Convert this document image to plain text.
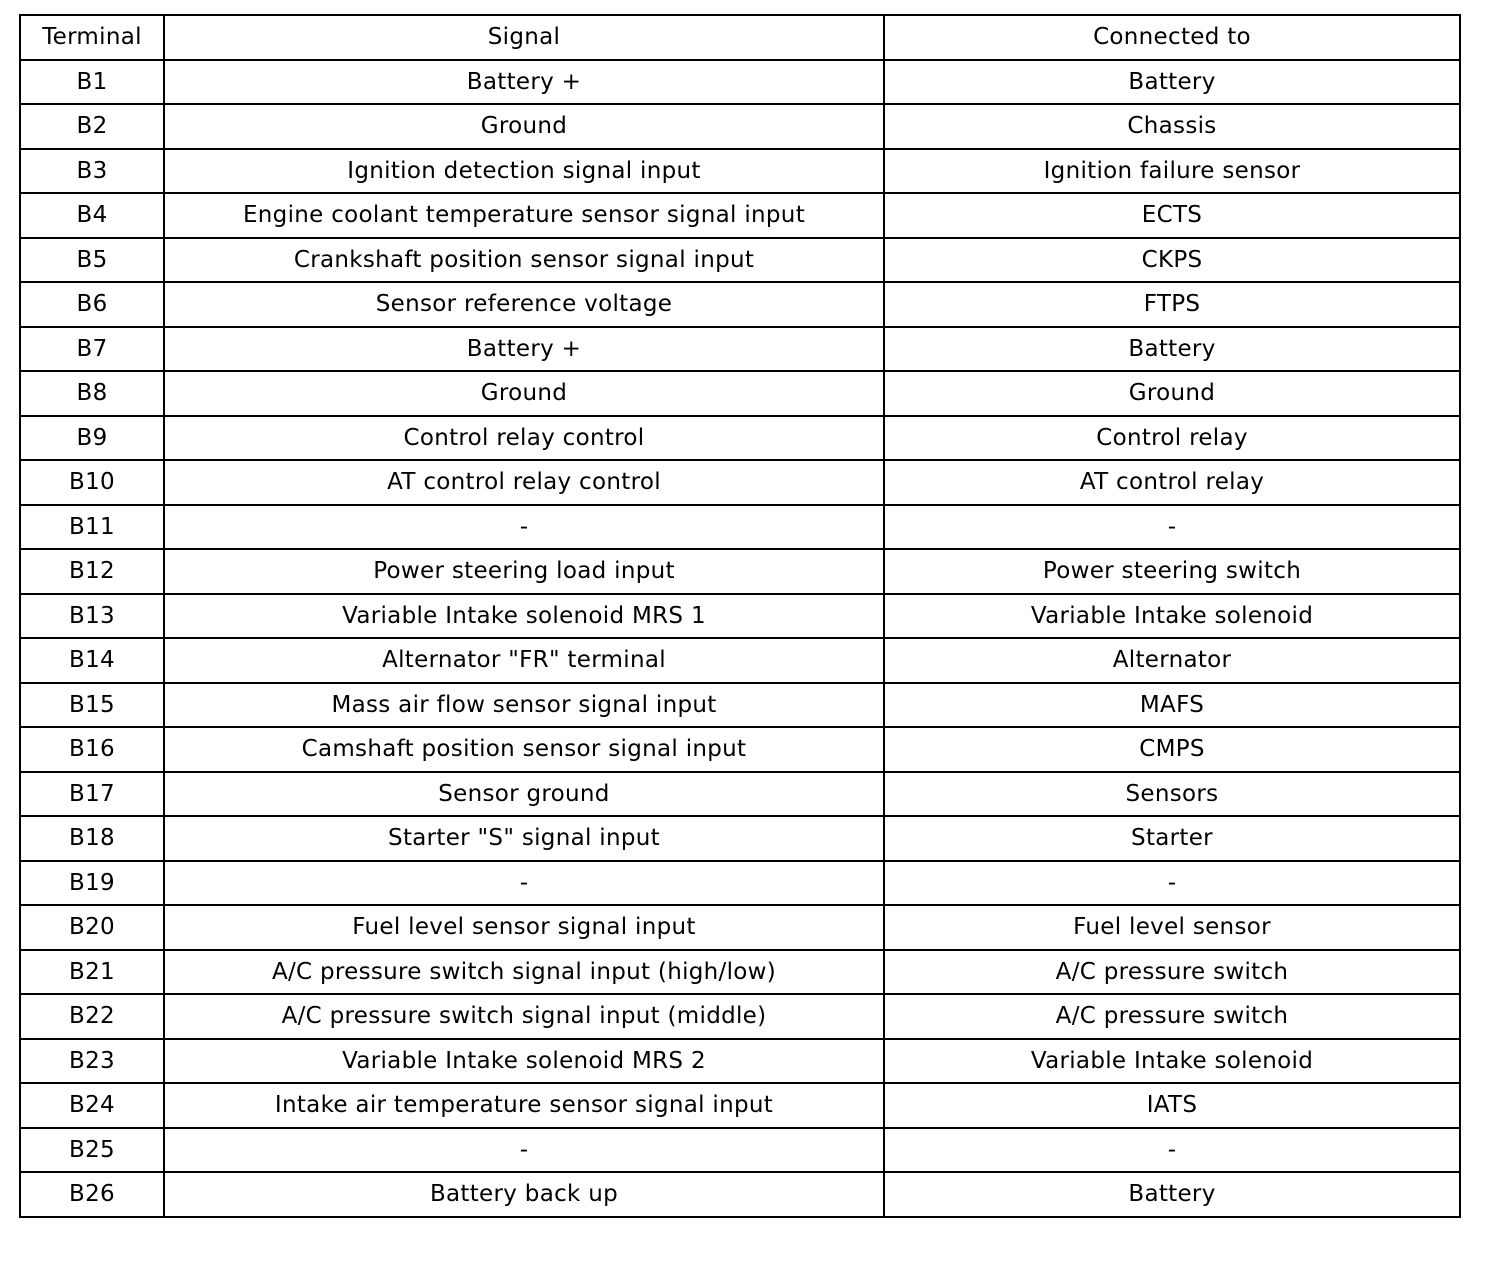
Terminal	Signal	Connected to
B1	Battery +	Battery
B2	Ground	Chassis
B3	Ignition detection signal input	Ignition failure sensor
B4	Engine coolant temperature sensor signal input	ECTS
B5	Crankshaft position sensor signal input	CKPS
B6	Sensor reference voltage	FTPS
B7	Battery +	Battery
B8	Ground	Ground
B9	Control relay control	Control relay
B10	AT control relay control	AT control relay
B11	-	-
B12	Power steering load input	Power steering switch
B13	Variable Intake solenoid MRS 1	Variable Intake solenoid
B14	Alternator "FR" terminal	Alternator
B15	Mass air flow sensor signal input	MAFS
B16	Camshaft position sensor signal input	CMPS
B17	Sensor ground	Sensors
B18	Starter "S" signal input	Starter
B19	-	-
B20	Fuel level sensor signal input	Fuel level sensor
B21	A/C pressure switch signal input (high/low)	A/C pressure switch
B22	A/C pressure switch signal input (middle)	A/C pressure switch
B23	Variable Intake solenoid MRS 2	Variable Intake solenoid
B24	Intake air temperature sensor signal input	IATS
B25	-	-
B26	Battery back up	Battery
